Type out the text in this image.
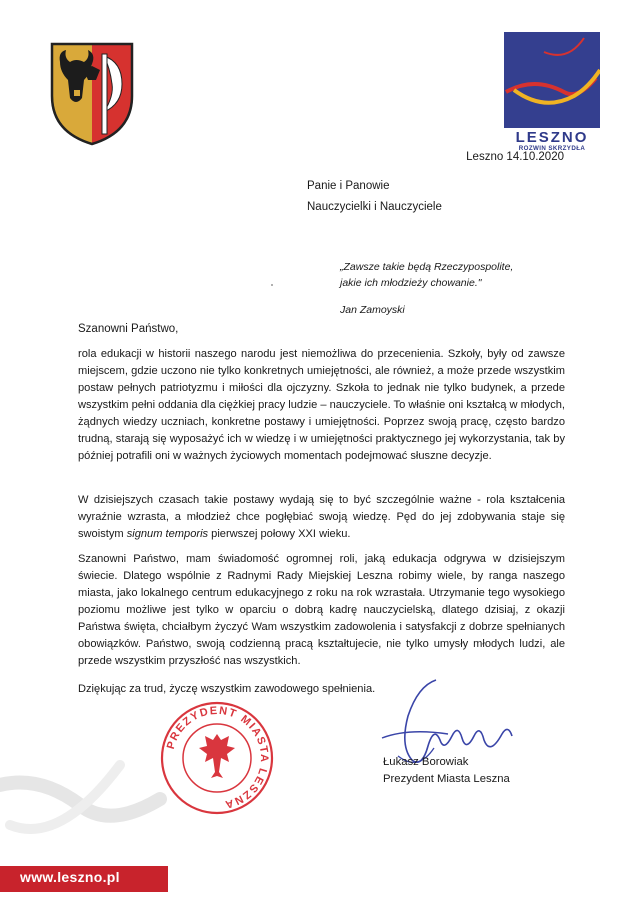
LESZNO
ROZWIN SKRZYDŁA
Leszno 14.10.2020
Panie i Panowie
Nauczycielki i Nauczyciele
„Zawsze takie będą Rzeczypospolite,
jakie ich młodzieży chowanie."
Jan Zamoyski
Szanowni Państwo,
rola edukacji w historii naszego narodu jest niemożliwa do przecenienia. Szkoły, były od zawsze miejscem, gdzie uczono nie tylko konkretnych umiejętności, ale również, a może przede wszystkim postaw pełnych patriotyzmu i miłości dla ojczyzny. Szkoła to jednak nie tylko budynek, a przede wszystkim pełni oddania dla ciężkiej pracy ludzie – nauczyciele. To właśnie oni kształcą w młodych, żądnych wiedzy uczniach, konkretne postawy i umiejętności. Poprzez swoją pracę, często bardzo trudną, starają się wyposażyć ich w wiedzę i w umiejętności praktycznego jej wykorzystania, tak by później potrafili oni w ważnych życiowych momentach podejmować słuszne decyzje.
W dzisiejszych czasach takie postawy wydają się to być szczególnie ważne - rola kształcenia wyraźnie wzrasta, a młodzież chce pogłębiać swoją wiedzę. Pęd do jej zdobywania staje się swoistym signum temporis pierwszej połowy XXI wieku.
Szanowni Państwo, mam świadomość ogromnej roli, jaką edukacja odgrywa w dzisiejszym świecie. Dlatego wspólnie z Radnymi Rady Miejskiej Leszna robimy wiele, by ranga naszego miasta, jako lokalnego centrum edukacyjnego z roku na rok wzrastała. Utrzymanie tego wysokiego poziomu możliwe jest tylko w oparciu o dobrą kadrę nauczycielską, dlatego dzisiaj, z okazji Państwa święta, chciałbym życzyć Wam wszystkim zadowolenia i satysfakcji z dobrze spełnianych obowiązków. Państwo, swoją codzienną pracą kształtujecie, nie tylko umysły młodych ludzi, ale przede wszystkim przyszłość nas wszystkich.
Dziękując za trud, życzę wszystkim zawodowego spełnienia.
Łukasz Borowiak
Prezydent Miasta Leszna
PREZYDENT MIASTA LESZNA
www.leszno.pl
